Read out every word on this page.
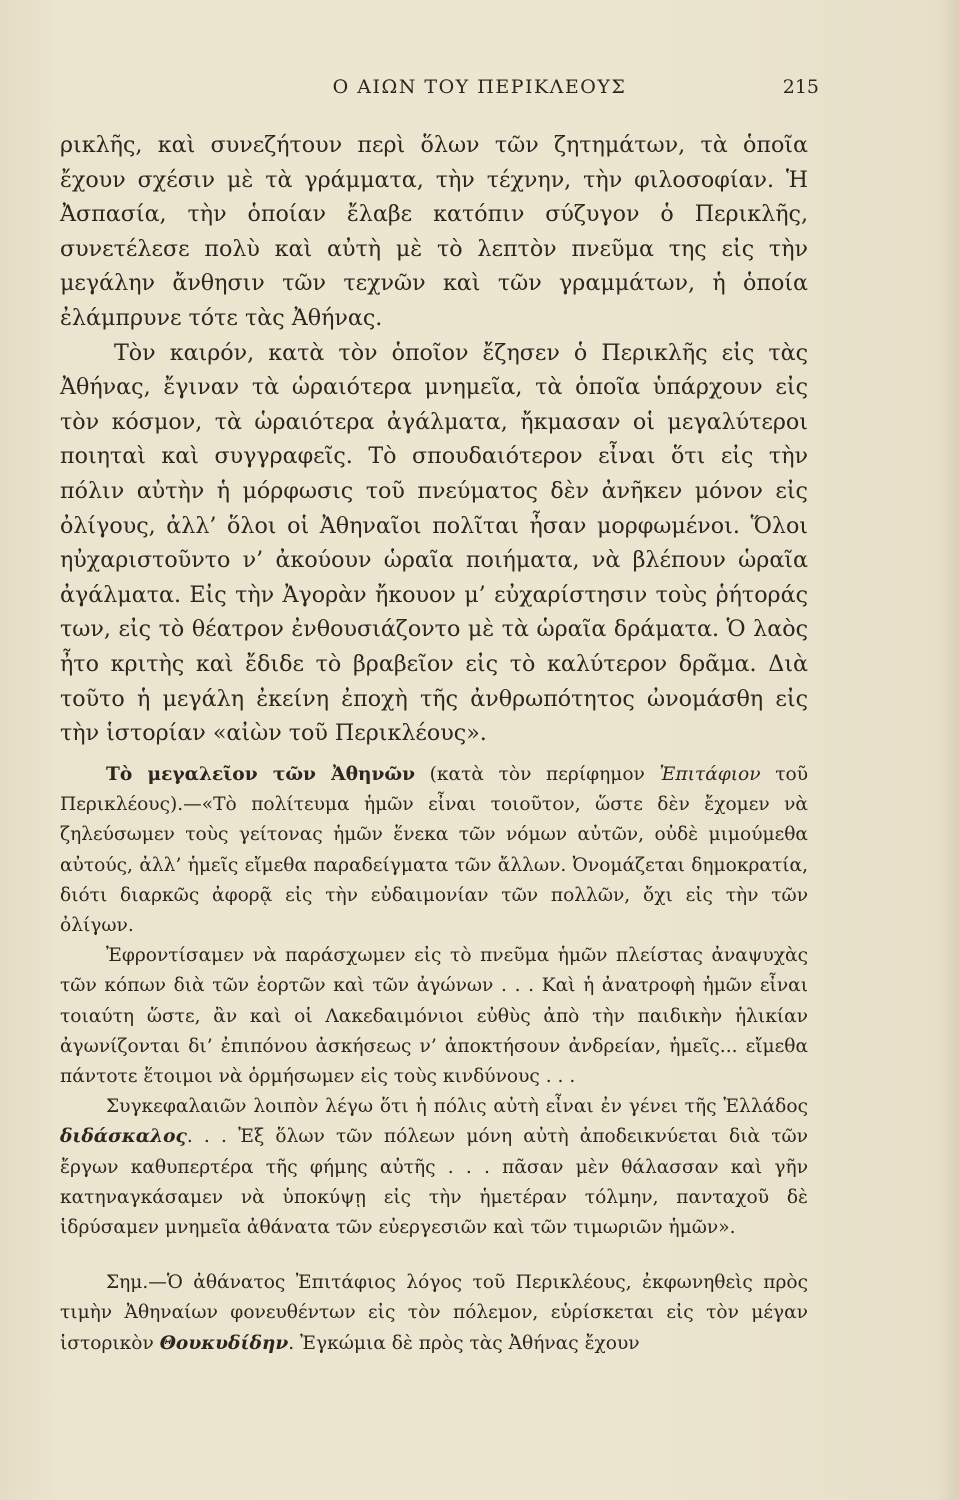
Ο ΑΙΩΝ ΤΟΥ ΠΕΡΙΚΛΕΟΥΣ	215

ρικλῆς, καὶ συνεζήτουν περὶ ὅλων τῶν ζητημάτων, τὰ ὁποῖα ἔχουν σχέσιν μὲ τὰ γράμματα, τὴν τέχνην, τὴν φιλοσοφίαν. Ἡ Ἀσπασία, τὴν ὁποίαν ἔλαβε κατόπιν σύζυγον ὁ Περικλῆς, συνετέλεσε πολὺ καὶ αὐτὴ μὲ τὸ λεπτὸν πνεῦμα της εἰς τὴν μεγάλην ἄνθησιν τῶν τεχνῶν καὶ τῶν γραμμάτων, ἡ ὁποία ἐλάμπρυνε τότε τὰς Ἀθήνας.

Τὸν καιρόν, κατὰ τὸν ὁποῖον ἔζησεν ὁ Περικλῆς εἰς τὰς Ἀθήνας, ἔγιναν τὰ ὡραιότερα μνημεῖα, τὰ ὁποῖα ὑπάρχουν εἰς τὸν κόσμον, τὰ ὡραιότερα ἀγάλματα, ἤκμασαν οἱ μεγαλύτεροι ποιηταὶ καὶ συγγραφεῖς. Τὸ σπουδαιότερον εἶναι ὅτι εἰς τὴν πόλιν αὐτὴν ἡ μόρφωσις τοῦ πνεύματος δὲν ἀνῆκεν μόνον εἰς ὀλίγους, ἀλλ’ ὅλοι οἱ Ἀθηναῖοι πολῖται ἦσαν μορφωμένοι. Ὅλοι ηὐχαριστοῦντο ν’ ἀκούουν ὡραῖα ποιήματα, νὰ βλέπουν ὡραῖα ἀγάλματα. Εἰς τὴν Ἀγορὰν ἤκουον μ’ εὐχαρίστησιν τοὺς ῥήτοράς των, εἰς τὸ θέατρον ἐνθουσιάζοντο μὲ τὰ ὡραῖα δράματα. Ὁ λαὸς ἦτο κριτὴς καὶ ἔδιδε τὸ βραβεῖον εἰς τὸ καλύτερον δρᾶμα. Διὰ τοῦτο ἡ μεγάλη ἐκείνη ἐποχὴ τῆς ἀνθρωπότητος ὠνομάσθη εἰς τὴν ἱστορίαν «αἰὼν τοῦ Περικλέους».

Τὸ μεγαλεῖον τῶν Ἀθηνῶν (κατὰ τὸν περίφημον Ἐπιτάφιον τοῦ Περικλέους).—«Τὸ πολίτευμα ἡμῶν εἶναι τοιοῦτον, ὥστε δὲν ἔχομεν νὰ ζηλεύσωμεν τοὺς γείτονας ἡμῶν ἕνεκα τῶν νόμων αὐτῶν, οὐδὲ μιμούμεθα αὐτούς, ἀλλ’ ἡμεῖς εἴμεθα παραδείγματα τῶν ἄλλων. Ὀνομάζεται δημοκρατία, διότι διαρκῶς ἀφορᾷ εἰς τὴν εὐδαιμονίαν τῶν πολλῶν, ὄχι εἰς τὴν τῶν ὀλίγων.

Ἐφροντίσαμεν νὰ παράσχωμεν εἰς τὸ πνεῦμα ἡμῶν πλείστας ἀναψυχὰς τῶν κόπων διὰ τῶν ἑορτῶν καὶ τῶν ἀγώνων . . . Καὶ ἡ ἀνατροφὴ ἡμῶν εἶναι τοιαύτη ὥστε, ἂν καὶ οἱ Λακεδαιμόνιοι εὐθὺς ἀπὸ τὴν παιδικὴν ἡλικίαν ἀγωνίζονται δι’ ἐπιπόνου ἀσκήσεως ν’ ἀποκτήσουν ἀνδρείαν, ἡμεῖς... εἴμεθα πάντοτε ἕτοιμοι νὰ ὁρμήσωμεν εἰς τοὺς κινδύνους . . .

Συγκεφαλαιῶν λοιπὸν λέγω ὅτι ἡ πόλις αὐτὴ εἶναι ἐν γένει τῆς Ἑλλάδος διδάσκαλος. . . Ἐξ ὅλων τῶν πόλεων μόνη αὐτὴ ἀποδεικνύεται διὰ τῶν ἔργων καθυπερτέρα τῆς φήμης αὐτῆς . . . πᾶσαν μὲν θάλασσαν καὶ γῆν κατηναγκάσαμεν νὰ ὑποκύψῃ εἰς τὴν ἡμετέραν τόλμην, πανταχοῦ δὲ ἱδρύσαμεν μνημεῖα ἀθάνατα τῶν εὐεργεσιῶν καὶ τῶν τιμωριῶν ἡμῶν».

Σημ.—Ὁ ἀθάνατος Ἐπιτάφιος λόγος τοῦ Περικλέους, ἐκφωνηθεὶς πρὸς τιμὴν Ἀθηναίων φονευθέντων εἰς τὸν πόλεμον, εὑρίσκεται εἰς τὸν μέγαν ἱστορικὸν Θουκυδίδην. Ἐγκώμια δὲ πρὸς τὰς Ἀθήνας ἔχουν
